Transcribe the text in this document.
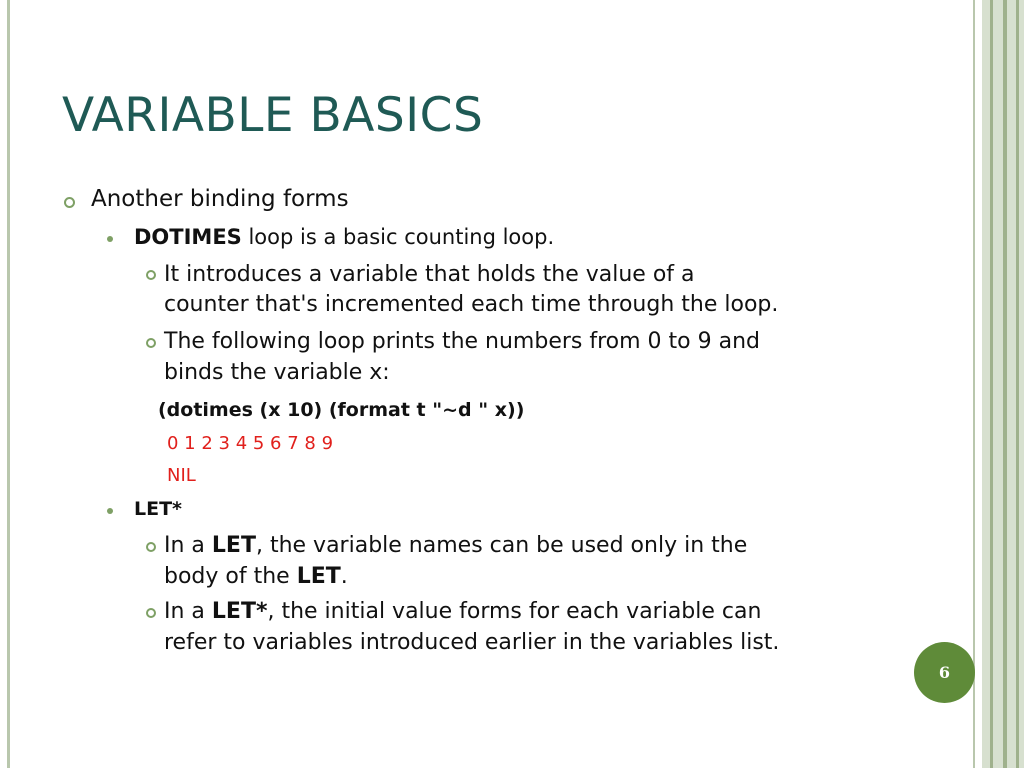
VARIABLE BASICS
Another binding forms
DOTIMES loop is a basic counting loop.
It introduces a variable that holds the value of a
counter that's incremented each time through the loop.
The following loop prints the numbers from 0 to 9 and
binds the variable x:
(dotimes (x 10) (format t "~d " x))
0 1 2 3 4 5 6 7 8 9
NIL
LET*
In a LET, the variable names can be used only in the
body of the LET.
In a LET*, the initial value forms for each variable can
refer to variables introduced earlier in the variables list.
6
